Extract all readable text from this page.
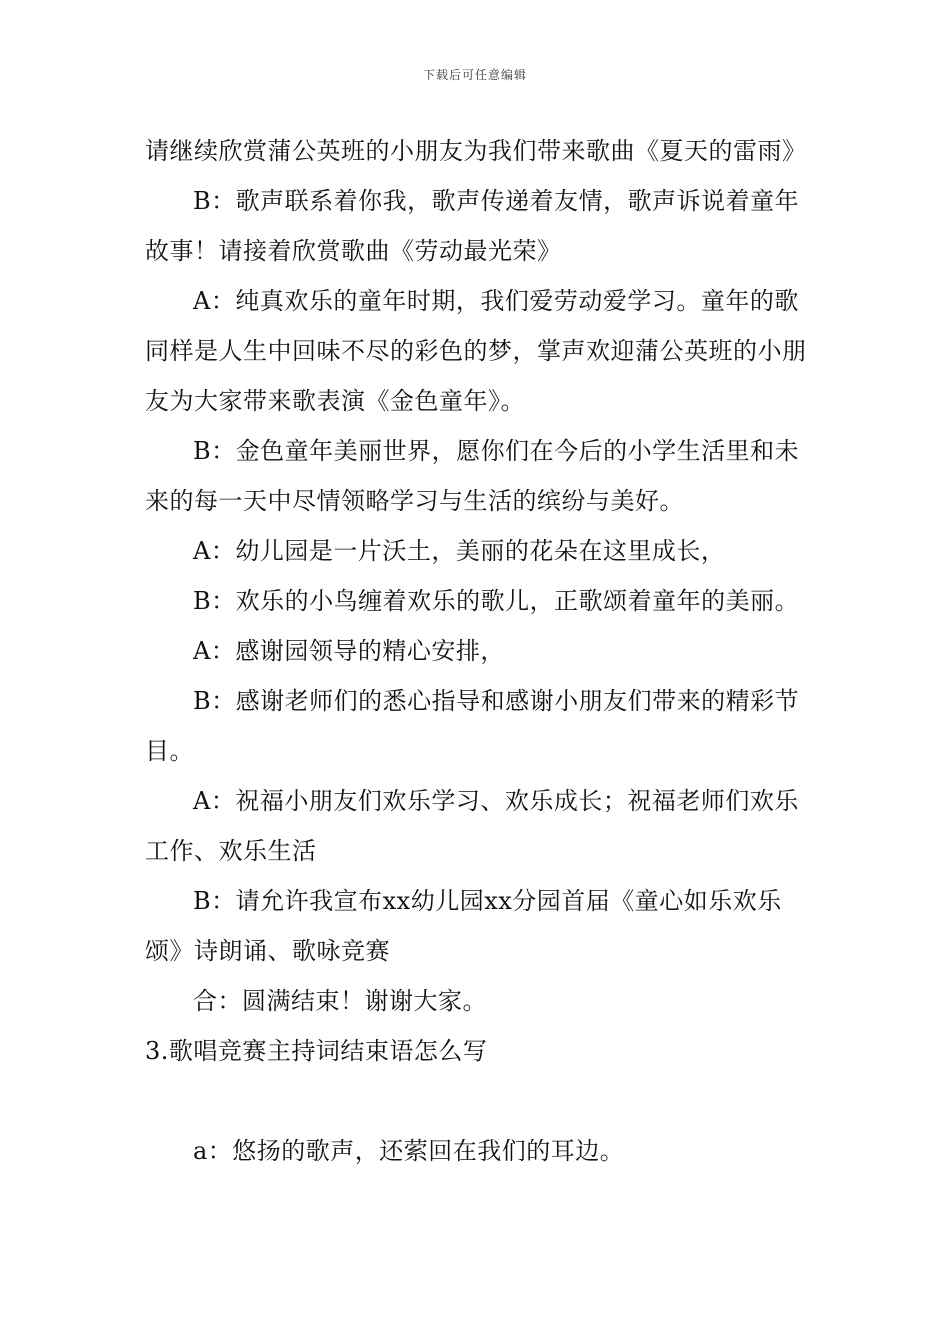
下载后可任意编辑

请继续欣赏蒲公英班的小朋友为我们带来歌曲《夏天的雷雨》

B：歌声联系着你我，歌声传递着友情，歌声诉说着童年故事！请接着欣赏歌曲《劳动最光荣》

A：纯真欢乐的童年时期，我们爱劳动爱学习。童年的歌同样是人生中回味不尽的彩色的梦，掌声欢迎蒲公英班的小朋友为大家带来歌表演《金色童年》。

B：金色童年美丽世界，愿你们在今后的小学生活里和未来的每一天中尽情领略学习与生活的缤纷与美好。

A：幼儿园是一片沃土，美丽的花朵在这里成长，

B：欢乐的小鸟缠着欢乐的歌儿，正歌颂着童年的美丽。

A：感谢园领导的精心安排，

B：感谢老师们的悉心指导和感谢小朋友们带来的精彩节目。

A：祝福小朋友们欢乐学习、欢乐成长；祝福老师们欢乐工作、欢乐生活

B：请允许我宣布xx幼儿园xx分园首届《童心如乐欢乐颂》诗朗诵、歌咏竞赛

合：圆满结束！谢谢大家。

3.歌唱竞赛主持词结束语怎么写

a：悠扬的歌声，还萦回在我们的耳边。
